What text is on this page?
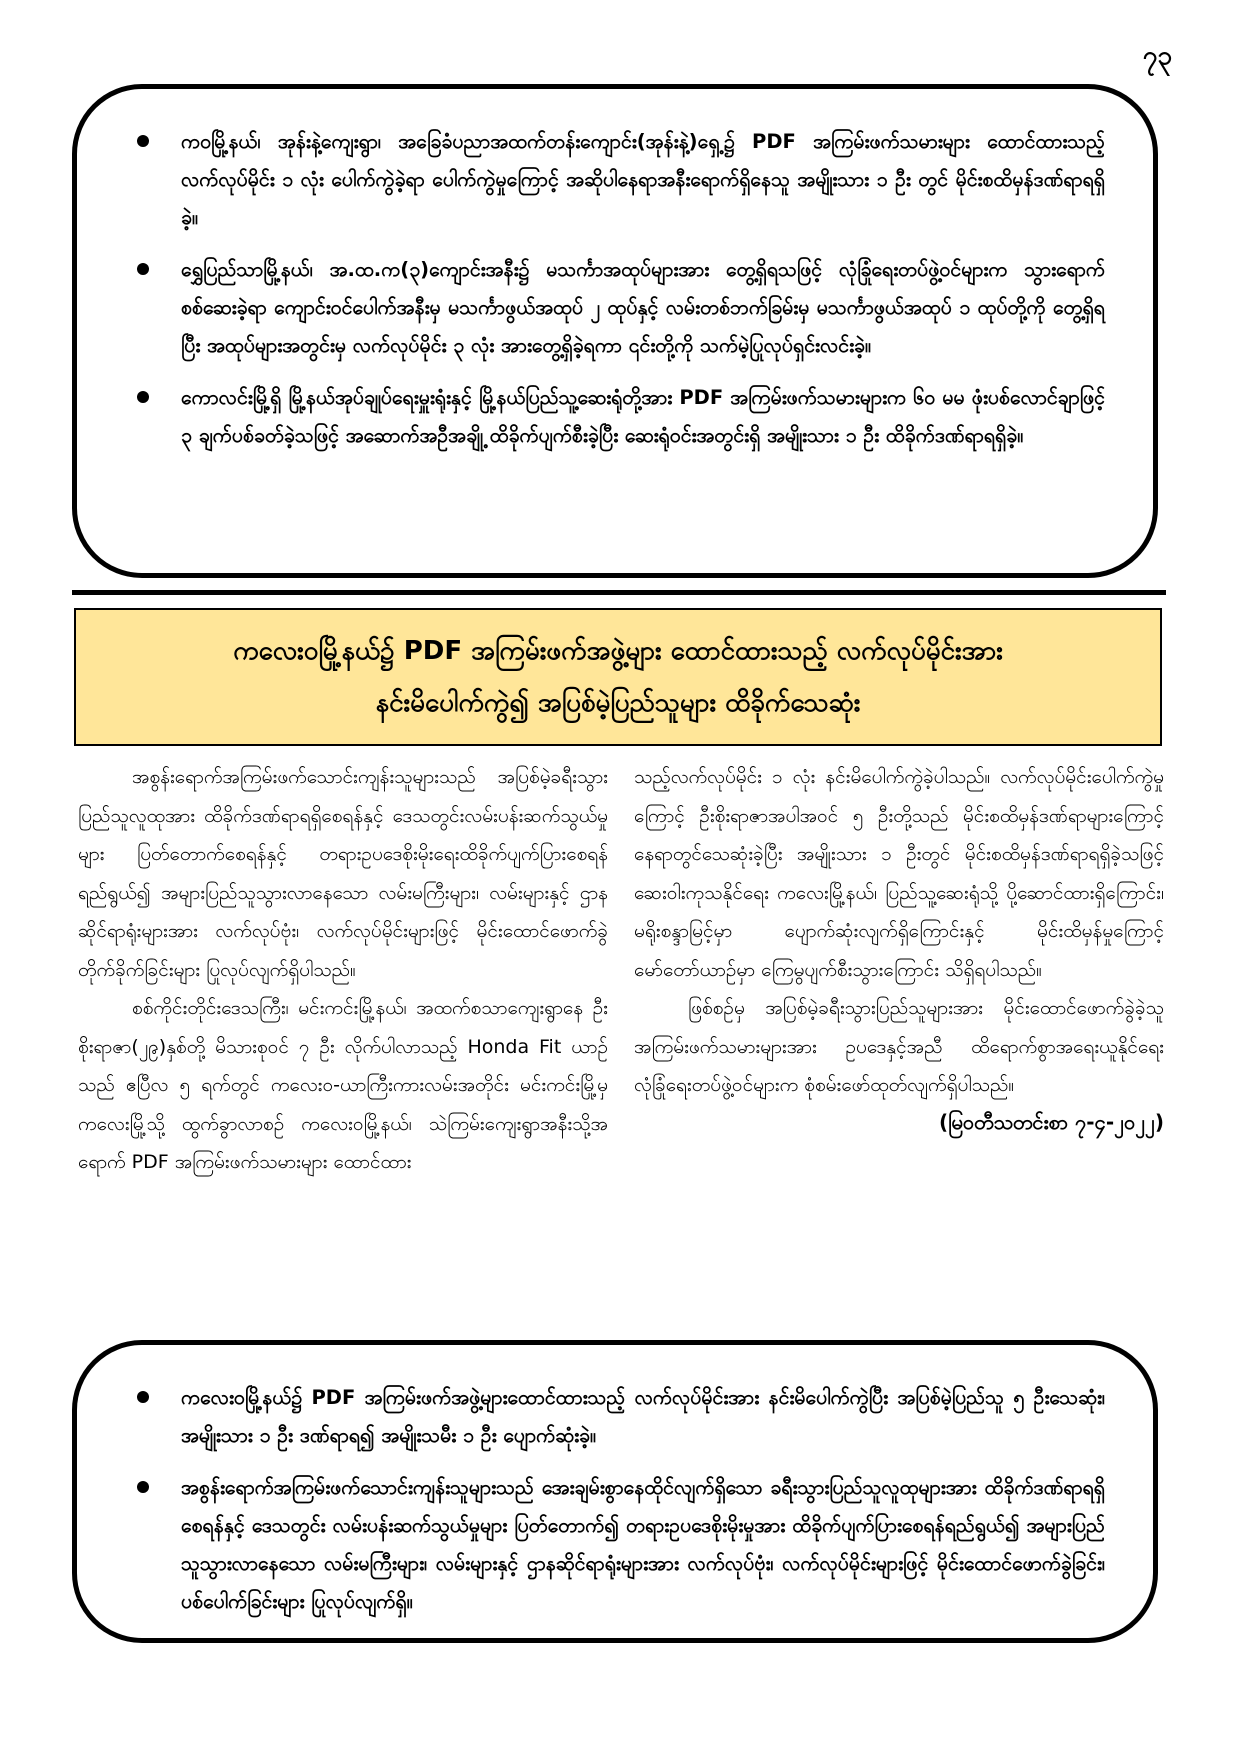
၇၃
ကဝမြို့နယ်၊ အုန်းနဲ့ကျေးရွာ၊ အခြေခံပညာအထက်တန်းကျောင်း(အုန်းနဲ့)ရှေ့၌ PDF အကြမ်းဖက်သမားများ ထောင်ထားသည့် လက်လုပ်မိုင်း ၁ လုံး ပေါက်ကွဲခဲ့ရာ ပေါက်ကွဲမှုကြောင့် အဆိုပါနေရာအနီးရောက်ရှိနေသူ အမျိုးသား ၁ ဦး တွင် မိုင်းစထိမှန်ဒဏ်ရာရရှိခဲ့။
ရွှေပြည်သာမြို့နယ်၊ အ.ထ.က(၃)ကျောင်းအနီး၌ မသင်္ကာအထုပ်များအား တွေ့ရှိရသဖြင့် လုံခြုံရေးတပ်ဖွဲ့ဝင်များက သွားရောက်စစ်ဆေးခဲ့ရာ ကျောင်းဝင်ပေါက်အနီးမှ မသင်္ကာဖွယ်အထုပ် ၂ ထုပ်နှင့် လမ်းတစ်ဘက်ခြမ်းမှ မသင်္ကာဖွယ်အထုပ် ၁ ထုပ်တို့ကို တွေ့ရှိရပြီး အထုပ်များအတွင်းမှ လက်လုပ်မိုင်း ၃ လုံး အားတွေ့ရှိခဲ့ရကာ ၎င်းတို့ကို သက်မဲ့ပြုလုပ်ရှင်းလင်းခဲ့။
ကောလင်းမြို့ရှိ မြို့နယ်အုပ်ချုပ်ရေးမှူးရုံးနှင့် မြို့နယ်ပြည်သူ့ဆေးရုံတို့အား PDF အကြမ်းဖက်သမားများက ၆၀ မမ ဖုံးပစ်လောင်ချာဖြင့် ၃ ချက်ပစ်ခတ်ခဲ့သဖြင့် အဆောက်အဦအချို့ ထိခိုက်ပျက်စီးခဲ့ပြီး ဆေးရုံဝင်းအတွင်းရှိ အမျိုးသား ၁ ဦး ထိခိုက်ဒဏ်ရာရရှိခဲ့။
ကလေးဝမြို့နယ်၌ PDF အကြမ်းဖက်အဖွဲ့များ ထောင်ထားသည့် လက်လုပ်မိုင်းအား
နင်းမိပေါက်ကွဲ၍ အပြစ်မဲ့ပြည်သူများ ထိခိုက်သေဆုံး

အစွန်းရောက်အကြမ်းဖက်သောင်းကျန်းသူများသည် အပြစ်မဲ့ခရီးသွားပြည်သူလူထုအား ထိခိုက်ဒဏ်ရာရရှိစေရန်နှင့် ဒေသတွင်းလမ်းပန်းဆက်သွယ်မှုများ ပြတ်တောက်စေရန်နှင့် တရားဥပဒေစိုးမိုးရေးထိခိုက်ပျက်ပြားစေရန်ရည်ရွယ်၍ အများပြည်သူသွားလာနေသော လမ်းမကြီးများ၊ လမ်းများနှင့် ဌာနဆိုင်ရာရုံးများအား လက်လုပ်ဗုံး၊ လက်လုပ်မိုင်းများဖြင့် မိုင်းထောင်ဖောက်ခွဲတိုက်ခိုက်ခြင်းများ ပြုလုပ်လျက်ရှိပါသည်။

စစ်ကိုင်းတိုင်းဒေသကြီး၊ မင်းကင်းမြို့နယ်၊ အထက်စသာကျေးရွာနေ ဦးစိုးရာဇာ(၂၉)နှစ်တို့ မိသားစုဝင် ၇ ဦး လိုက်ပါလာသည့် Honda Fit ယာဉ်သည် ဧပြီလ ၅ ရက်တွင် ကလေး၀-ယာကြီးကားလမ်းအတိုင်း မင်းကင်းမြို့မှ ကလေးမြို့သို့ ထွက်ခွာလာစဉ် ကလေးဝမြို့နယ်၊ သဲကြမ်းကျေးရွာအနီးသို့အရောက် PDF အကြမ်းဖက်သမားများ ထောင်ထား

သည့်လက်လုပ်မိုင်း ၁ လုံး နင်းမိပေါက်ကွဲခဲ့ပါသည်။ လက်လုပ်မိုင်းပေါက်ကွဲမှုကြောင့် ဦးစိုးရာဇာအပါအဝင် ၅ ဦးတို့သည် မိုင်းစထိမှန်ဒဏ်ရာများကြောင့် နေရာတွင်သေဆုံးခဲ့ပြီး အမျိုးသား ၁ ဦးတွင် မိုင်းစထိမှန်ဒဏ်ရာရရှိခဲ့သဖြင့် ဆေးဝါးကုသနိုင်ရေး ကလေးမြို့နယ်၊ ပြည်သူ့ဆေးရုံသို့ ပို့ဆောင်ထားရှိကြောင်း၊ မရိုးစန္ဒာမြင့်မှာ ပျောက်ဆုံးလျက်ရှိကြောင်းနှင့် မိုင်းထိမှန်မှုကြောင့် မော်တော်ယာဉ်မှာ ကြေမွပျက်စီးသွားကြောင်း သိရှိရပါသည်။

ဖြစ်စဉ်မှ အပြစ်မဲ့ခရီးသွားပြည်သူများအား မိုင်းထောင်ဖောက်ခွဲခဲ့သူ အကြမ်းဖက်သမားများအား ဥပဒေနှင့်အညီ ထိရောက်စွာအရေးယူနိုင်ရေး လုံခြုံရေးတပ်ဖွဲ့ဝင်များက စုံစမ်းဖော်ထုတ်လျက်ရှိပါသည်။

(မြဝတီသတင်းစာ ၇-၄-၂၀၂၂)
ကလေးဝမြို့နယ်၌ PDF အကြမ်းဖက်အဖွဲ့များထောင်ထားသည့် လက်လုပ်မိုင်းအား နင်းမိပေါက်ကွဲပြီး အပြစ်မဲ့ပြည်သူ ၅ ဦးသေဆုံး၊ အမျိုးသား ၁ ဦး ဒဏ်ရာရ၍ အမျိုးသမီး ၁ ဦး ပျောက်ဆုံးခဲ့။
အစွန်းရောက်အကြမ်းဖက်သောင်းကျန်းသူများသည် အေးချမ်းစွာနေထိုင်လျက်ရှိသော ခရီးသွားပြည်သူလူထုများအား ထိခိုက်ဒဏ်ရာရရှိစေရန်နှင့် ဒေသတွင်း လမ်းပန်းဆက်သွယ်မှုများ ပြတ်တောက်၍ တရားဥပဒေစိုးမိုးမှုအား ထိခိုက်ပျက်ပြားစေရန်ရည်ရွယ်၍ အများပြည်သူသွားလာနေသော လမ်းမကြီးများ၊ လမ်းများနှင့် ဌာနဆိုင်ရာရုံးများအား လက်လုပ်ဗုံး၊ လက်လုပ်မိုင်းများဖြင့် မိုင်းထောင်ဖောက်ခွဲခြင်း၊ ပစ်ပေါက်ခြင်းများ ပြုလုပ်လျက်ရှိ။
